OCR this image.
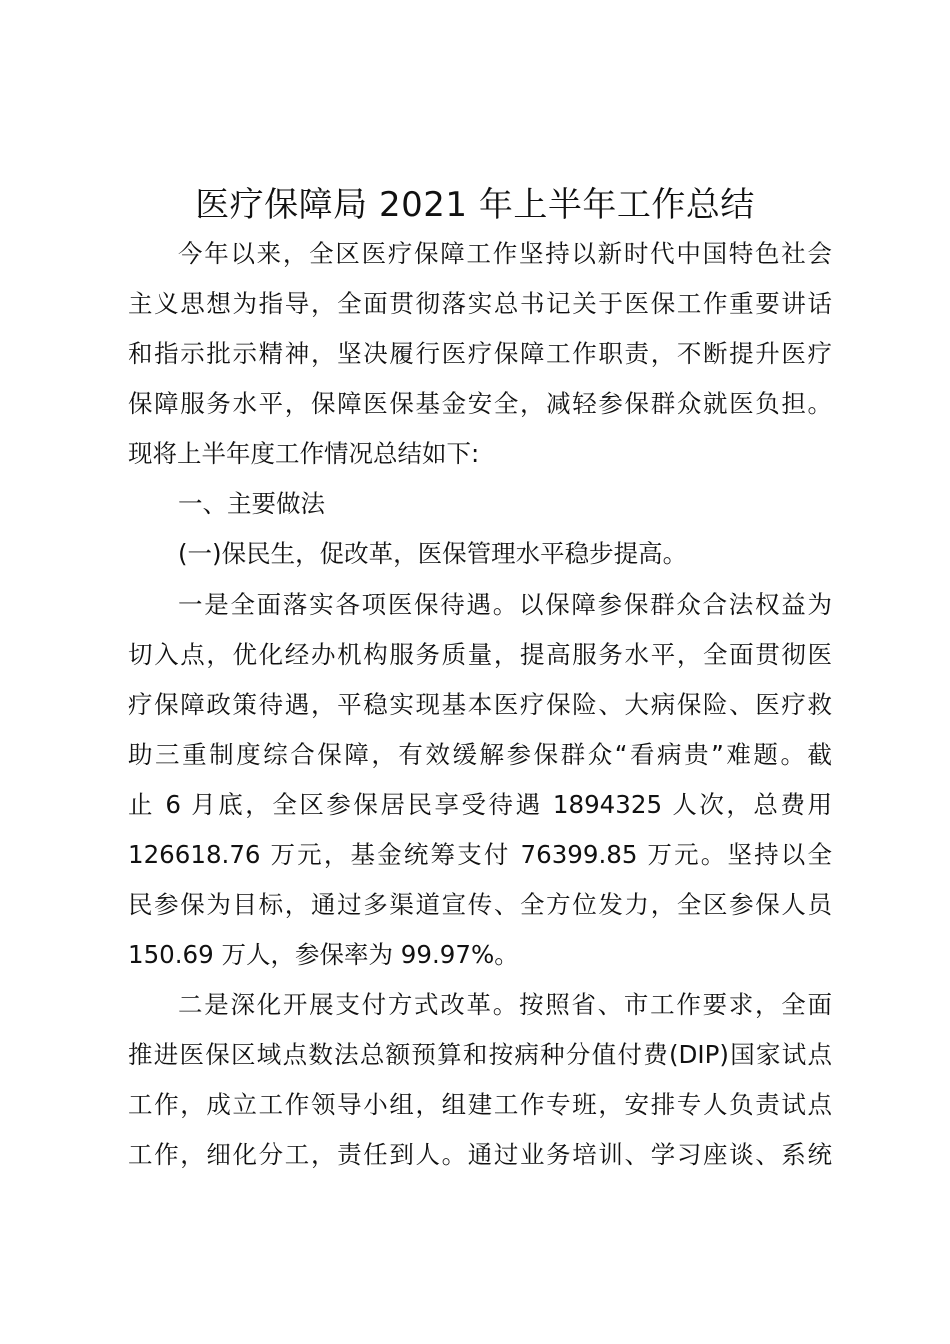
医疗保障局 2021 年上半年工作总结
今年以来，全区医疗保障工作坚持以新时代中国特色社会
主义思想为指导，全面贯彻落实总书记关于医保工作重要讲话
和指示批示精神，坚决履行医疗保障工作职责，不断提升医疗
保障服务水平，保障医保基金安全，减轻参保群众就医负担。
现将上半年度工作情况总结如下:
一、主要做法
(一)保民生，促改革，医保管理水平稳步提高。
一是全面落实各项医保待遇。以保障参保群众合法权益为
切入点，优化经办机构服务质量，提高服务水平，全面贯彻医
疗保障政策待遇，平稳实现基本医疗保险、大病保险、医疗救
助三重制度综合保障，有效缓解参保群众“看病贵”难题。截
止 6 月底，全区参保居民享受待遇 1894325 人次，总费用
126618.76 万元，基金统筹支付 76399.85 万元。坚持以全
民参保为目标，通过多渠道宣传、全方位发力，全区参保人员
150.69 万人，参保率为 99.97%。
二是深化开展支付方式改革。按照省、市工作要求，全面
推进医保区域点数法总额预算和按病种分值付费(DIP)国家试点
工作，成立工作领导小组，组建工作专班，安排专人负责试点
工作，细化分工，责任到人。通过业务培训、学习座谈、系统
